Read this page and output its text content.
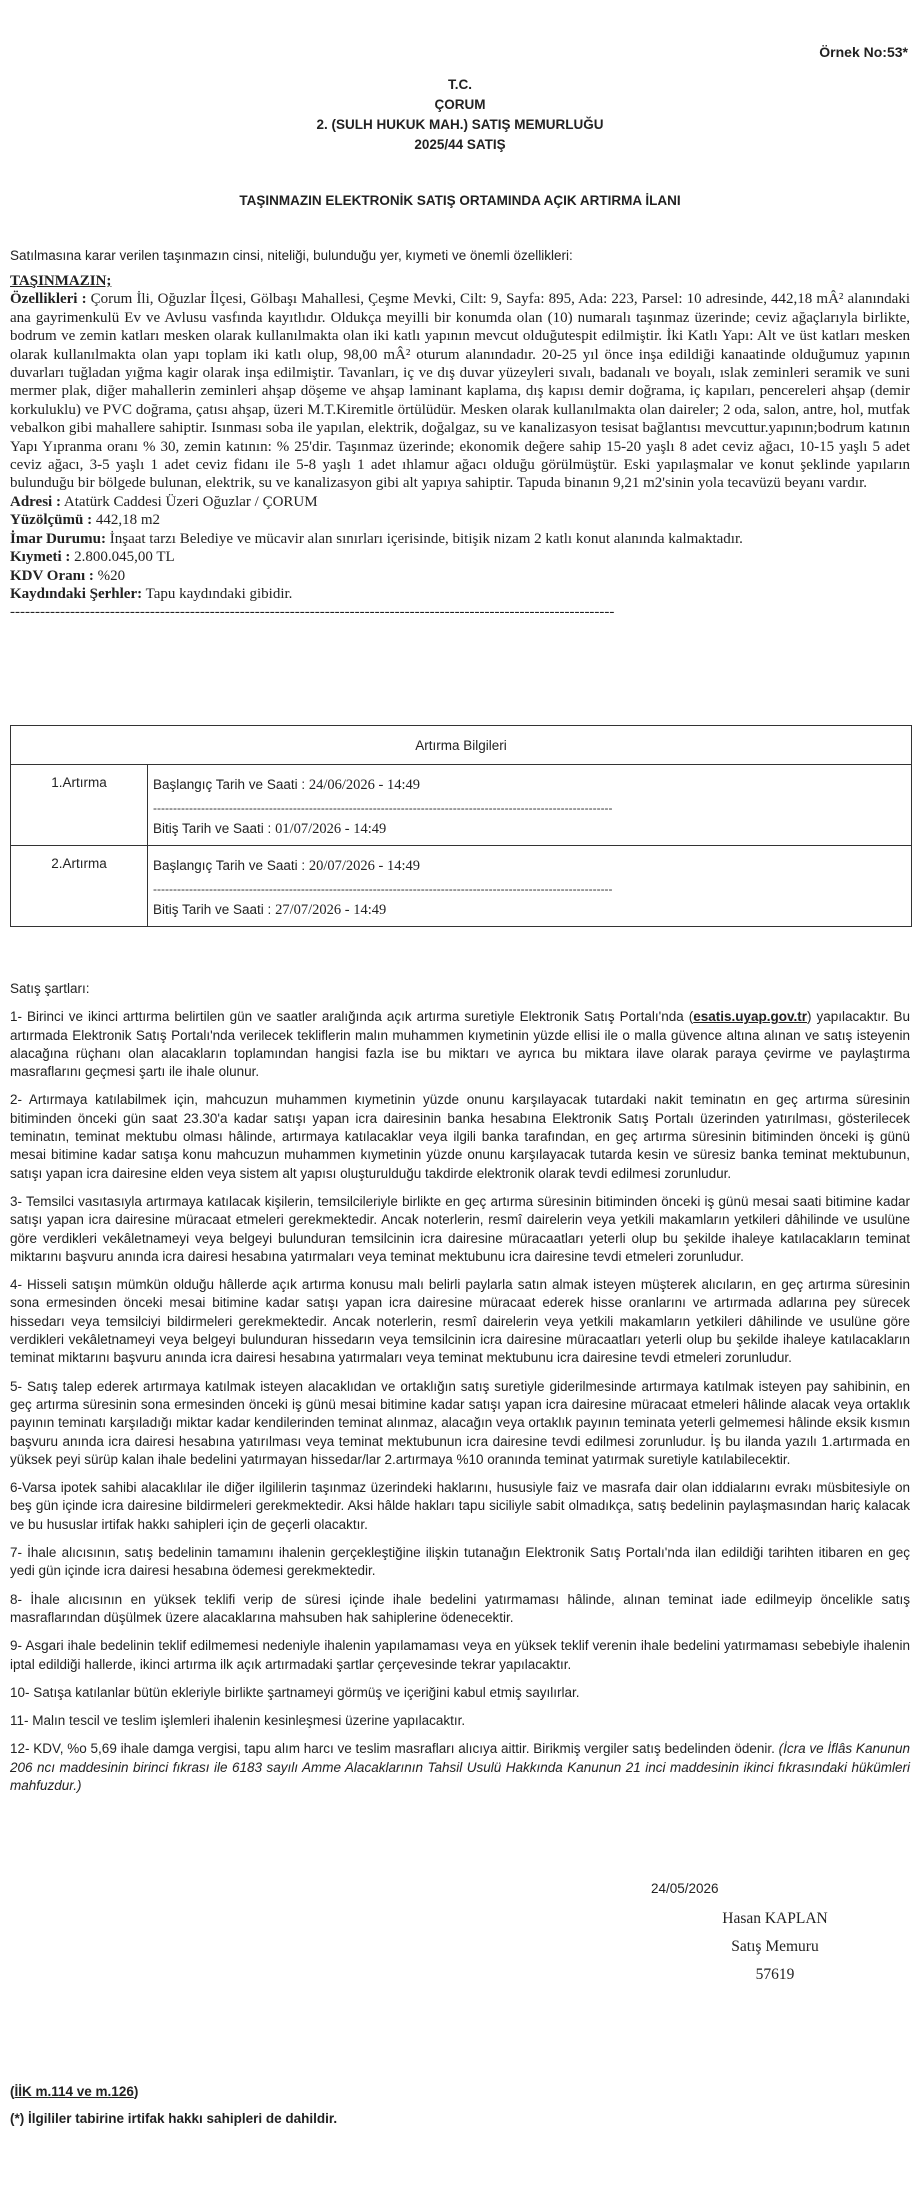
Örnek No:53*
T.C.
ÇORUM
2. (SULH HUKUK MAH.) SATIŞ MEMURLUĞU
2025/44 SATIŞ
TAŞINMAZIN ELEKTRONİK SATIŞ ORTAMINDA AÇIK ARTIRMA İLANI
Satılmasına karar verilen taşınmazın cinsi, niteliği, bulunduğu yer, kıymeti ve önemli özellikleri:
TAŞINMAZIN;
Özellikleri : Çorum İli, Oğuzlar İlçesi, Gölbaşı Mahallesi, Çeşme Mevki, Cilt: 9, Sayfa: 895, Ada: 223, Parsel: 10 adresinde, 442,18 mÂ² alanındaki ana gayrimenkulü Ev ve Avlusu vasfında kayıtlıdır. Oldukça meyilli bir konumda olan (10) numaralı taşınmaz üzerinde; ceviz ağaçlarıyla birlikte, bodrum ve zemin katları mesken olarak kullanılmakta olan iki katlı yapının mevcut olduğutespit edilmiştir. İki Katlı Yapı: Alt ve üst katları mesken olarak kullanılmakta olan yapı toplam iki katlı olup, 98,00 mÂ² oturum alanındadır. 20-25 yıl önce inşa edildiği kanaatinde olduğumuz yapının duvarları tuğladan yığma kagir olarak inşa edilmiştir. Tavanları, iç ve dış duvar yüzeyleri sıvalı, badanalı ve boyalı, ıslak zeminleri seramik ve suni mermer plak, diğer mahallerin zeminleri ahşap döşeme ve ahşap laminant kaplama, dış kapısı demir doğrama, iç kapıları, pencereleri ahşap (demir korkuluklu) ve PVC doğrama, çatısı ahşap, üzeri M.T.Kiremitle örtülüdür. Mesken olarak kullanılmakta olan daireler; 2 oda, salon, antre, hol, mutfak vebalkon gibi mahallere sahiptir. Isınması soba ile yapılan, elektrik, doğalgaz, su ve kanalizasyon tesisat bağlantısı mevcuttur.yapının;bodrum katının Yapı Yıpranma oranı % 30, zemin katının: % 25'dir. Taşınmaz üzerinde; ekonomik değere sahip 15-20 yaşlı 8 adet ceviz ağacı, 10-15 yaşlı 5 adet ceviz ağacı, 3-5 yaşlı 1 adet ceviz fidanı ile 5-8 yaşlı 1 adet ıhlamur ağacı olduğu görülmüştür. Eski yapılaşmalar ve konut şeklinde yapıların bulunduğu bir bölgede bulunan, elektrik, su ve kanalizasyon gibi alt yapıya sahiptir. Tapuda binanın 9,21 m2'sinin yola tecavüzü beyanı vardır.
Adresi : Atatürk Caddesi Üzeri Oğuzlar / ÇORUM
Yüzölçümü : 442,18 m2
İmar Durumu: İnşaat tarzı Belediye ve mücavir alan sınırları içerisinde, bitişik nizam 2 katlı konut alanında kalmaktadır.
Kıymeti : 2.800.045,00 TL
KDV Oranı : %20
Kaydındaki Şerhler: Tapu kaydındaki gibidir.
-------------------------------------------------------------------------------------------------------------------------
Artırma Bilgileri	
1.Artırma	Başlangıç Tarih ve Saati : 24/06/2026 - 14:49
-------------------------------------------------------------------------------------------------------------------
Bitiş Tarih ve Saati : 01/07/2026 - 14:49

2.Artırma	Başlangıç Tarih ve Saati : 20/07/2026 - 14:49
-------------------------------------------------------------------------------------------------------------------
Bitiş Tarih ve Saati : 27/07/2026 - 14:49

Satış şartları:

1- Birinci ve ikinci arttırma belirtilen gün ve saatler aralığında açık artırma suretiyle Elektronik Satış Portalı'nda (esatis.uyap.gov.tr) yapılacaktır. Bu artırmada Elektronik Satış Portalı'nda verilecek tekliflerin malın muhammen kıymetinin yüzde ellisi ile o malla güvence altına alınan ve satış isteyenin alacağına rüçhanı olan alacakların toplamından hangisi fazla ise bu miktarı ve ayrıca bu miktara ilave olarak paraya çevirme ve paylaştırma masraflarını geçmesi şartı ile ihale olunur.

2- Artırmaya katılabilmek için, mahcuzun muhammen kıymetinin yüzde onunu karşılayacak tutardaki nakit teminatın en geç artırma süresinin bitiminden önceki gün saat 23.30'a kadar satışı yapan icra dairesinin banka hesabına Elektronik Satış Portalı üzerinden yatırılması, gösterilecek teminatın, teminat mektubu olması hâlinde, artırmaya katılacaklar veya ilgili banka tarafından, en geç artırma süresinin bitiminden önceki iş günü mesai bitimine kadar satışa konu mahcuzun muhammen kıymetinin yüzde onunu karşılayacak tutarda kesin ve süresiz banka teminat mektubunun, satışı yapan icra dairesine elden veya sistem alt yapısı oluşturulduğu takdirde elektronik olarak tevdi edilmesi zorunludur.

3- Temsilci vasıtasıyla artırmaya katılacak kişilerin, temsilcileriyle birlikte en geç artırma süresinin bitiminden önceki iş günü mesai saati bitimine kadar satışı yapan icra dairesine müracaat etmeleri gerekmektedir. Ancak noterlerin, resmî dairelerin veya yetkili makamların yetkileri dâhilinde ve usulüne göre verdikleri vekâletnameyi veya belgeyi bulunduran temsilcinin icra dairesine müracaatları yeterli olup bu şekilde ihaleye katılacakların teminat miktarını başvuru anında icra dairesi hesabına yatırmaları veya teminat mektubunu icra dairesine tevdi etmeleri zorunludur.

4- Hisseli satışın mümkün olduğu hâllerde açık artırma konusu malı belirli paylarla satın almak isteyen müşterek alıcıların, en geç artırma süresinin sona ermesinden önceki mesai bitimine kadar satışı yapan icra dairesine müracaat ederek hisse oranlarını ve artırmada adlarına pey sürecek hissedarı veya temsilciyi bildirmeleri gerekmektedir. Ancak noterlerin, resmî dairelerin veya yetkili makamların yetkileri dâhilinde ve usulüne göre verdikleri vekâletnameyi veya belgeyi bulunduran hissedarın veya temsilcinin icra dairesine müracaatları yeterli olup bu şekilde ihaleye katılacakların teminat miktarını başvuru anında icra dairesi hesabına yatırmaları veya teminat mektubunu icra dairesine tevdi etmeleri zorunludur.

5- Satış talep ederek artırmaya katılmak isteyen alacaklıdan ve ortaklığın satış suretiyle giderilmesinde artırmaya katılmak isteyen pay sahibinin, en geç artırma süresinin sona ermesinden önceki iş günü mesai bitimine kadar satışı yapan icra dairesine müracaat etmeleri hâlinde alacak veya ortaklık payının teminatı karşıladığı miktar kadar kendilerinden teminat alınmaz, alacağın veya ortaklık payının teminata yeterli gelmemesi hâlinde eksik kısmın başvuru anında icra dairesi hesabına yatırılması veya teminat mektubunun icra dairesine tevdi edilmesi zorunludur. İş bu ilanda yazılı 1.artırmada en yüksek peyi sürüp kalan ihale bedelini yatırmayan hissedar/lar 2.artırmaya %10 oranında teminat yatırmak suretiyle katılabilecektir.

6-Varsa ipotek sahibi alacaklılar ile diğer ilgililerin taşınmaz üzerindeki haklarını, hususiyle faiz ve masrafa dair olan iddialarını evrakı müsbitesiyle on beş gün içinde icra dairesine bildirmeleri gerekmektedir. Aksi hâlde hakları tapu siciliyle sabit olmadıkça, satış bedelinin paylaşmasından hariç kalacak ve bu hususlar irtifak hakkı sahipleri için de geçerli olacaktır.

7- İhale alıcısının, satış bedelinin tamamını ihalenin gerçekleştiğine ilişkin tutanağın Elektronik Satış Portalı'nda ilan edildiği tarihten itibaren en geç yedi gün içinde icra dairesi hesabına ödemesi gerekmektedir.

8- İhale alıcısının en yüksek teklifi verip de süresi içinde ihale bedelini yatırmaması hâlinde, alınan teminat iade edilmeyip öncelikle satış masraflarından düşülmek üzere alacaklarına mahsuben hak sahiplerine ödenecektir.

9- Asgari ihale bedelinin teklif edilmemesi nedeniyle ihalenin yapılamaması veya en yüksek teklif verenin ihale bedelini yatırmaması sebebiyle ihalenin iptal edildiği hallerde, ikinci artırma ilk açık artırmadaki şartlar çerçevesinde tekrar yapılacaktır.

10- Satışa katılanlar bütün ekleriyle birlikte şartnameyi görmüş ve içeriğini kabul etmiş sayılırlar.

11- Malın tescil ve teslim işlemleri ihalenin kesinleşmesi üzerine yapılacaktır.

12- KDV, %o 5,69 ihale damga vergisi, tapu alım harcı ve teslim masrafları alıcıya aittir. Birikmiş vergiler satış bedelinden ödenir. (İcra ve İflâs Kanunun 206 ncı maddesinin birinci fıkrası ile 6183 sayılı Amme Alacaklarının Tahsil Usulü Hakkında Kanunun 21 inci maddesinin ikinci fıkrasındaki hükümleri mahfuzdur.)

24/05/2026
Hasan KAPLAN
Satış Memuru
57619
(İİK m.114 ve m.126)
(*) İlgililer tabirine irtifak hakkı sahipleri de dahildir.
